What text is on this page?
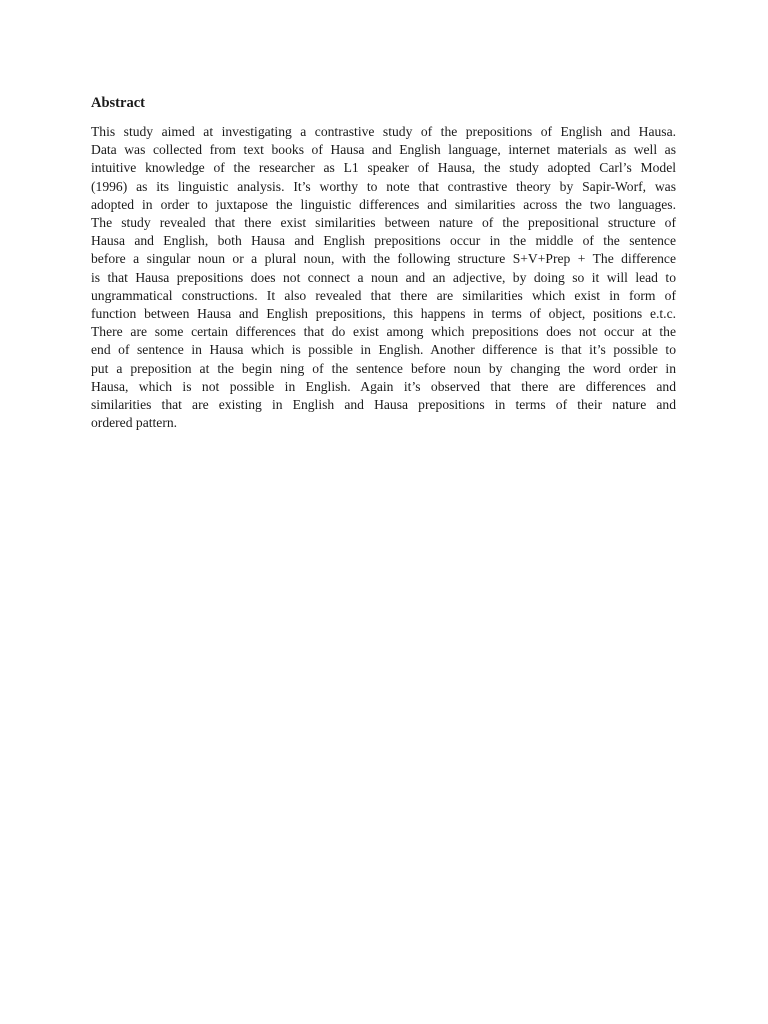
Abstract

This study aimed at investigating a contrastive study of the prepositions of English and Hausa.
Data was collected from text books of Hausa and English language, internet materials as well as
intuitive knowledge of the researcher as L1 speaker of Hausa, the study adopted Carl’s Model
(1996) as its linguistic analysis. It’s worthy to note that contrastive theory by Sapir-Worf, was
adopted in order to juxtapose the linguistic differences and similarities across the two languages.
The study revealed that there exist similarities between nature of the prepositional structure of
Hausa and English, both Hausa and English prepositions occur in the middle of the sentence
before a singular noun or a plural noun, with the following structure S+V+Prep + The difference
is that Hausa prepositions does not connect a noun and an adjective, by doing so it will lead to
ungrammatical constructions. It also revealed that there are similarities which exist in form of
function between Hausa and English prepositions, this happens in terms of object, positions e.t.c.
There are some certain differences that do exist among which prepositions does not occur at the
end of sentence in Hausa which is possible in English. Another difference is that it’s possible to
put a preposition at the begin ning of the sentence before noun by changing the word order in
Hausa, which is not possible in English. Again it’s observed that there are differences and
similarities that are existing in English and Hausa prepositions in terms of their nature and
ordered pattern.
